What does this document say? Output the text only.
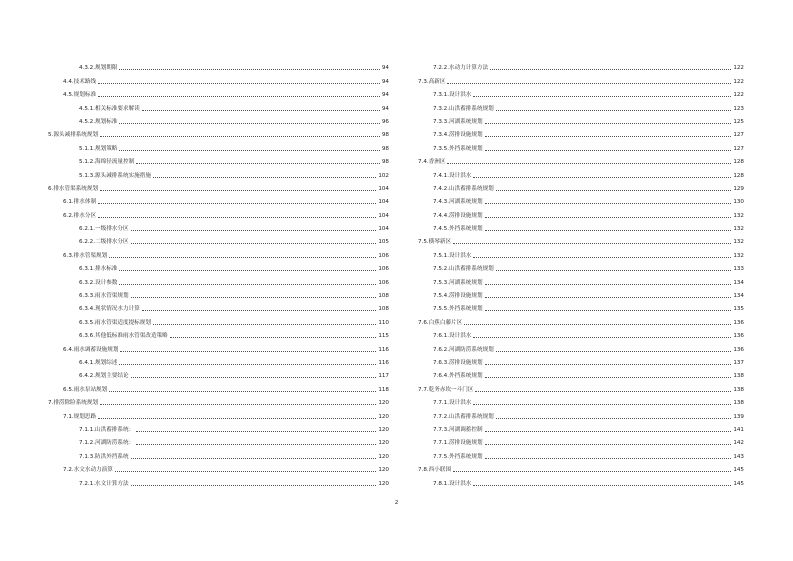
4.3.2.规划期限	94
4.4.技术路线	94
4.5.规划标准	94
4.5.1.相关标准要求解读	94
4.5.2.规划标准	96
5.源头减排系统规划	98
5.1.1.规划策略	98
5.1.2.海绵径流量控制	98
5.1.3.源头减排系统实施措施	102
6.排水管渠系统规划	104
6.1.排水体制	104
6.2.排水分区	104
6.2.1.一级排水分区	104
6.2.2.二级排水分区	105
6.3.排水管渠规划	106
6.3.1.排水标准	106
6.3.2.设计参数	106
6.3.3.雨水管渠规划	108
6.3.4.现状情况水力计算	108
6.3.5.雨水管渠适度提标规划	110
6.3.6.其他低标准雨水管渠改造策略	115
6.4.雨水调蓄设施规划	116
6.4.1.规划综述	116
6.4.2.规划主要结论	117
6.5.雨水泵站规划	118
7.排涝除险系统规划	120
7.1.规划思路	120
7.1.1.山洪蓄排系统：	120
7.1.2.河湖防涝系统：	120
7.1.3.防洪外挡系统	120
7.2.水文水动力演算	120
7.2.1.水文计算方法	120
7.2.2.水动力计算方法	122
7.3.高新区	122
7.3.1.设计洪水	122
7.3.2.山洪蓄排系统规划	123
7.3.3.河湖系统规划	125
7.3.4.涝排设施规划	127
7.3.5.外挡系统规划	127
7.4.香洲区	128
7.4.1.设计洪水	128
7.4.2.山洪蓄排系统规划	129
7.4.3.河湖系统规划	130
7.4.4.涝排设施规划	132
7.4.5.外挡系统规划	132
7.5.横琴新区	132
7.5.1.设计洪水	132
7.5.2.山洪蓄排系统规划	133
7.5.3.河湖系统规划	134
7.5.4.涝排设施规划	134
7.5.5.外挡系统规划	135
7.6.白蕉白藤片区	136
7.6.1.设计洪水	136
7.6.2.河湖防涝系统规划	136
7.6.3.涝排设施规划	137
7.6.4.外挡系统规划	138
7.7.乾务赤坎一斗门区	138
7.7.1.设计洪水	138
7.7.2.山洪蓄排系统规划	139
7.7.3.河湖调蓄控制	141
7.7.1.涝排设施规划	142
7.7.5.外挡系统规划	143
7.8.西小联围	145
7.8.1.设计洪水	145
2
